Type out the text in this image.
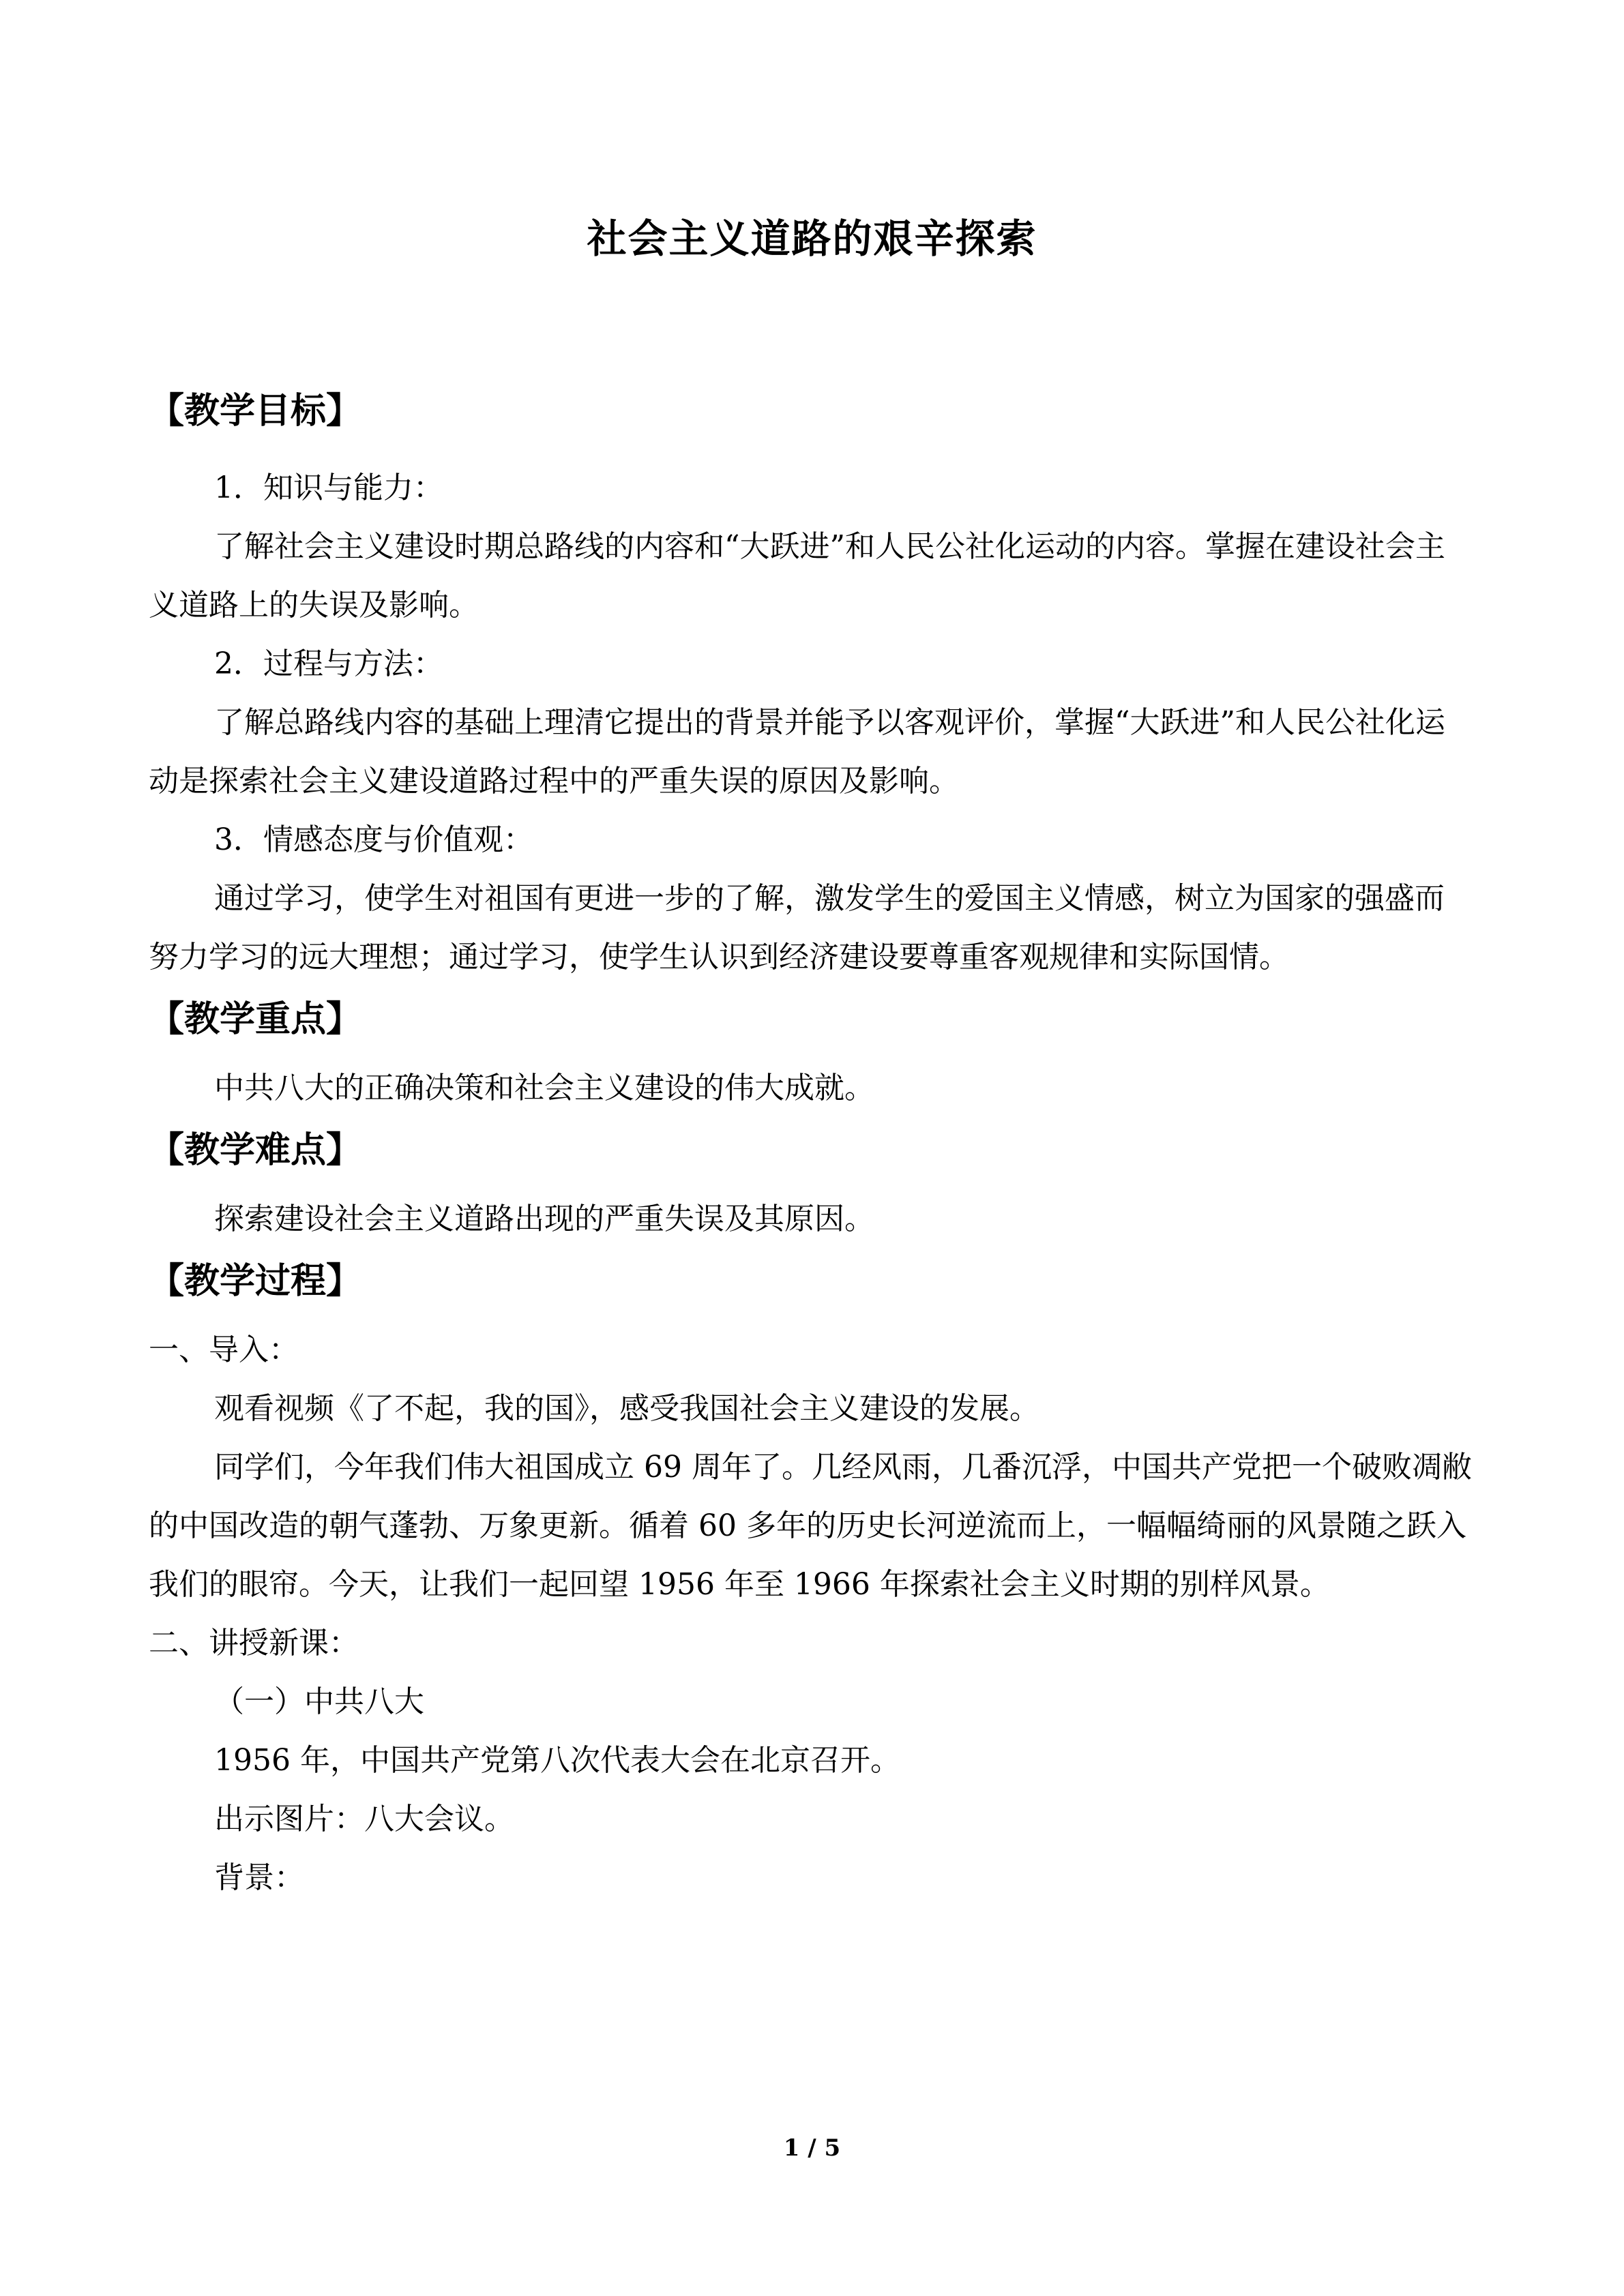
社会主义道路的艰辛探索
【教学目标】

1．知识与能力：

了解社会主义建设时期总路线的内容和“大跃进”和人民公社化运动的内容。掌握在建设社会主义道路上的失误及影响。

2．过程与方法：

了解总路线内容的基础上理清它提出的背景并能予以客观评价，掌握“大跃进”和人民公社化运动是探索社会主义建设道路过程中的严重失误的原因及影响。

3．情感态度与价值观：

通过学习，使学生对祖国有更进一步的了解，激发学生的爱国主义情感，树立为国家的强盛而努力学习的远大理想；通过学习，使学生认识到经济建设要尊重客观规律和实际国情。

【教学重点】

中共八大的正确决策和社会主义建设的伟大成就。

【教学难点】

探索建设社会主义道路出现的严重失误及其原因。

【教学过程】

一、导入：

观看视频《了不起，我的国》，感受我国社会主义建设的发展。

同学们，今年我们伟大祖国成立 69 周年了。几经风雨，几番沉浮，中国共产党把一个破败凋敝的中国改造的朝气蓬勃、万象更新。循着 60 多年的历史长河逆流而上，一幅幅绮丽的风景随之跃入我们的眼帘。今天，让我们一起回望 1956 年至 1966 年探索社会主义时期的别样风景。

二、讲授新课：

（一）中共八大

1956 年，中国共产党第八次代表大会在北京召开。

出示图片：八大会议。

背景：

1 / 5
